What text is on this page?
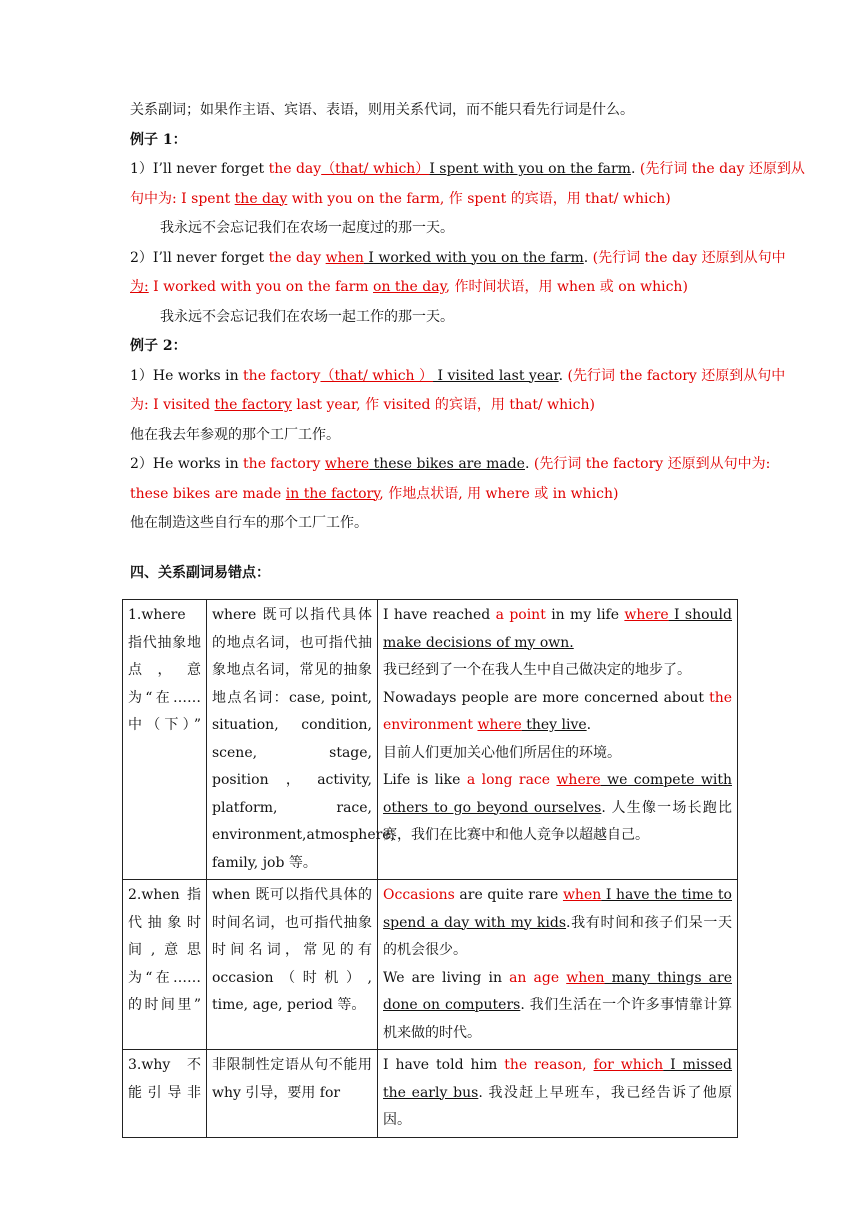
关系副词；如果作主语、宾语、表语，则用关系代词，而不能只看先行词是什么。
例子 1：
1）I’ll never forget the day（that/ which）I spent with you on the farm. (先行词 the day 还原到从
句中为: I spent the day with you on the farm, 作 spent 的宾语，用 that/ which)
我永远不会忘记我们在农场一起度过的那一天。
2）I’ll never forget the day when I worked with you on the farm. (先行词 the day 还原到从句中
为: I worked with you on the farm on the day, 作时间状语，用 when 或 on which)
我永远不会忘记我们在农场一起工作的那一天。
例子 2：
1）He works in the factory（that/ which ） I visited last year. (先行词 the factory 还原到从句中
为: I visited the factory last year, 作 visited 的宾语，用 that/ which)
他在我去年参观的那个工厂工作。
2）He works in the factory where these bikes are made. (先行词 the factory 还原到从句中为:
these bikes are made in the factory, 作地点状语, 用 where 或 in which)
他在制造这些自行车的那个工厂工作。
四、关系副词易错点：
1.where 指代抽象地点，意为“在……中（下）”	where 既可以指代具体的地点名词，也可指代抽象地点名词，常见的抽象地点名词：case, point, situation, condition, scene, stage, position，activity, platform, race, environment,atmosphere, family, job 等。	I have reached a point in my life where I should make decisions of my own.

我已经到了一个在我人生中自己做决定的地步了。

Nowadays people are more concerned about the environment where they live.

目前人们更加关心他们所居住的环境。

Life is like a long race where we compete with others to go beyond ourselves. 人生像一场长跑比赛，我们在比赛中和他人竞争以超越自己。

2.when 指代抽象时间,意思为“在……的时间里”	when 既可以指代具体的时间名词，也可指代抽象时间名词，常见的有 occasion（时机）, time, age, period 等。	Occasions are quite rare when I have the time to spend a day with my kids.我有时间和孩子们呆一天的机会很少。

We are living in an age when many things are done on computers. 我们生活在一个许多事情靠计算机来做的时代。

3.why 不能引导非	非限制性定语从句不能用 why 引导，要用 for	I have told him the reason, for which I missed the early bus. 我没赶上早班车，我已经告诉了他原因。
